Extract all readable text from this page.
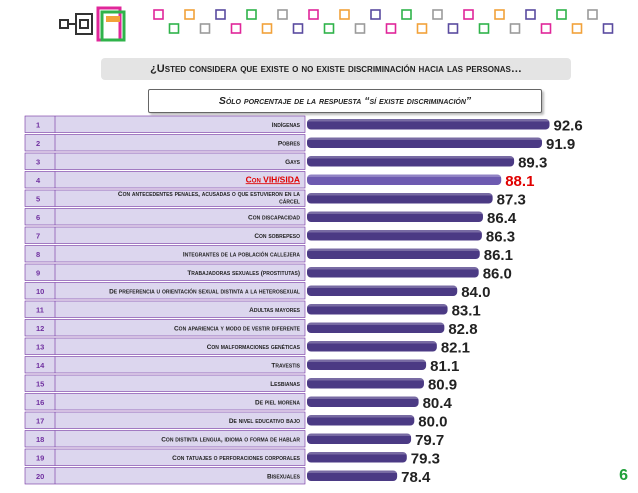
¿Usted considera que existe o no existe discriminación hacia las personas…
Sólo porcentaje de la respuesta “sí existe discriminación”
1	Indígenas	92.6
2	Pobres	91.9
3	Gays	89.3
4	Con VIH/SIDA	88.1
5	Con antecedentes penales, acusadas o que estuvieron en la
cárcel	87.3
6	Con discapacidad	86.4
7	Con sobrepeso	86.3
8	Integrantes de la población callejera	86.1
9	Trabajadoras sexuales (prostitutas)	86.0
10	De preferencia u orientación sexual distinta a la heterosexual	84.0
11	Adultas mayores	83.1
12	Con apariencia y modo de vestir diferente	82.8
13	Con malformaciones genéticas	82.1
14	Travestis	81.1
15	Lesbianas	80.9
16	De piel morena	80.4
17	De nivel educativo bajo	80.0
18	Con distinta lengua, idioma o forma de hablar	79.7
19	Con tatuajes o perforaciones corporales	79.3
20	Bisexuales	78.4	6
